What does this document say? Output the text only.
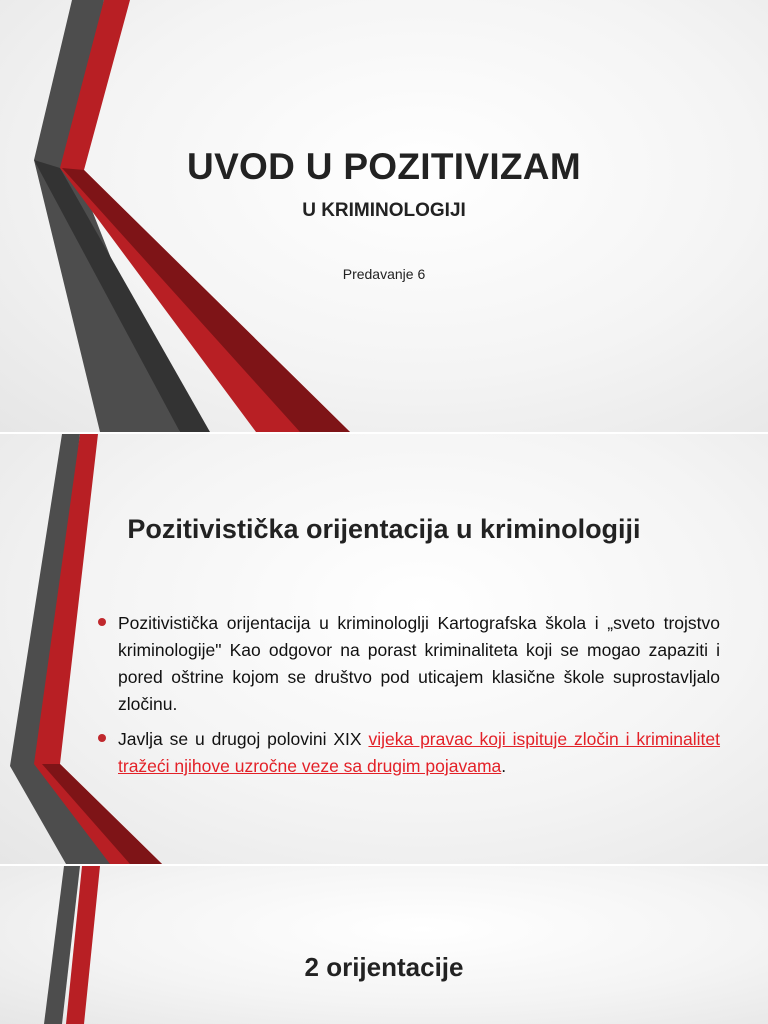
UVOD U POZITIVIZAM
U KRIMINOLOGIJI

Predavanje 6

Pozitivistička orijentacija u kriminologiji
Pozitivistička orijentacija u kriminologlji Kartografska škola i „sveto trojstvo kriminologije" Kao odgovor na porast kriminaliteta koji se mogao zapaziti i pored oštrine kojom se društvo pod uticajem klasične škole suprostavljalo zločinu.
Javlja se u drugoj polovini XIX vijeka pravac koji ispituje zločin i kriminalitet tražeći njihove uzročne veze sa drugim pojavama.
2 orijentacije
